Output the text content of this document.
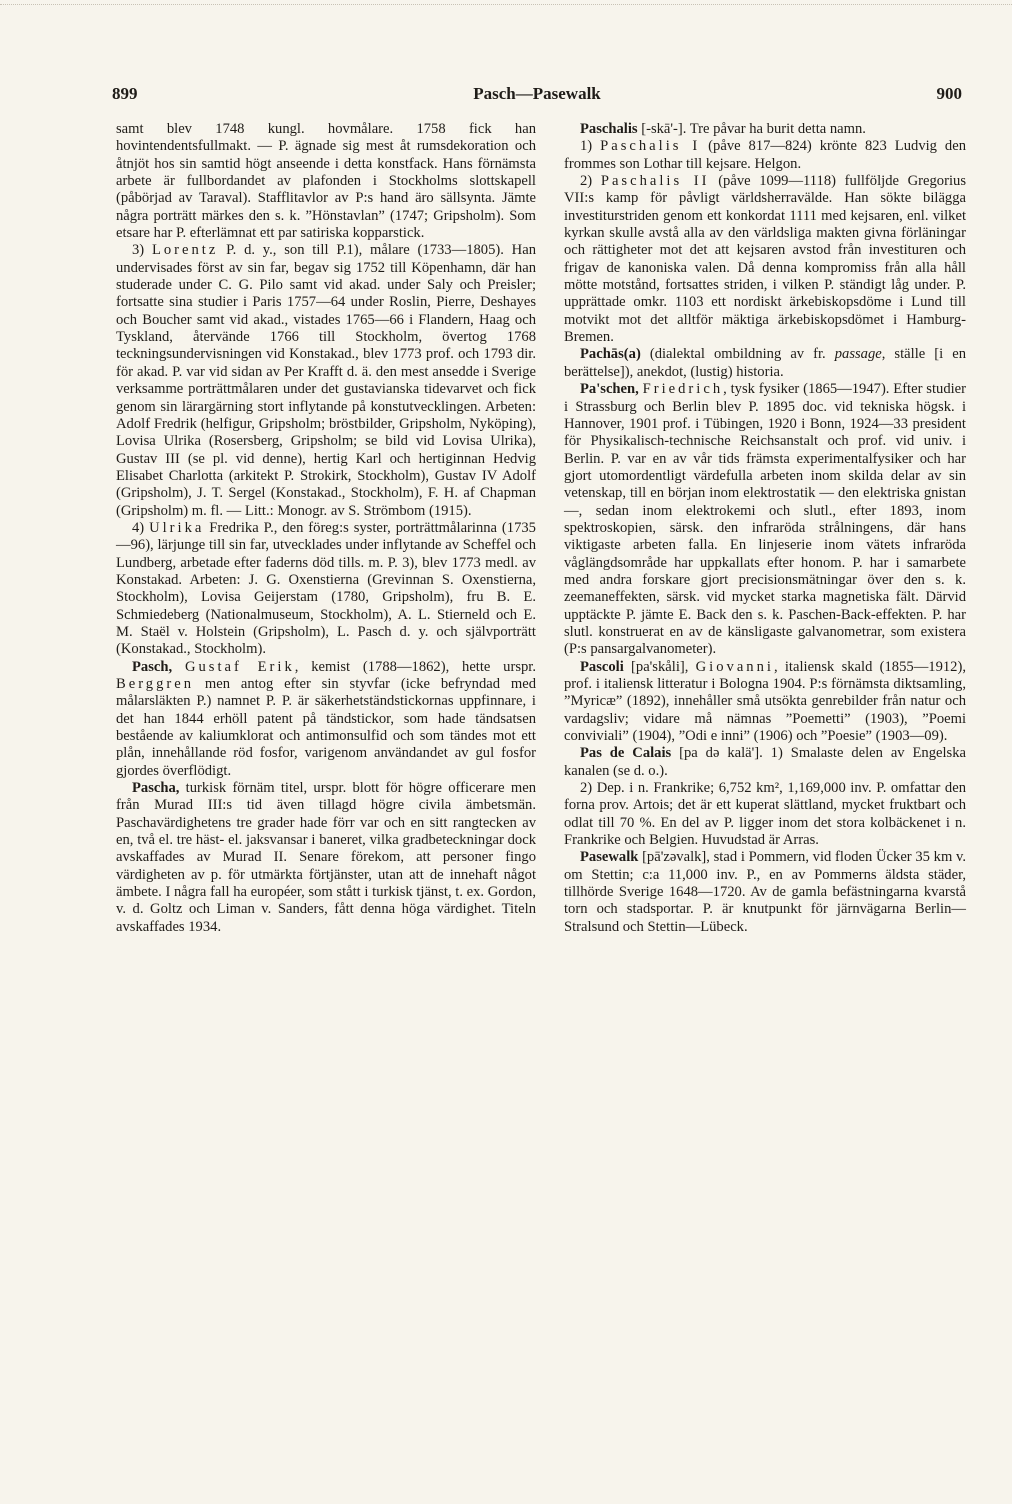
899	Pasch—Pasewalk	900

samt blev 1748 kungl. hovmålare. 1758 fick han hovintendentsfullmakt. — P. ägnade sig mest åt rumsdekoration och åtnjöt hos sin samtid högt anseende i detta konstfack. Hans förnämsta arbete är fullbordandet av plafonden i Stockholms slottskapell (påbörjad av Taraval). Stafflitavlor av P:s hand äro sällsynta. Jämte några porträtt märkes den s. k. ”Hönstavlan” (1747; Gripsholm). Som etsare har P. efterlämnat ett par satiriska kopparstick.

3) Lorentz P. d. y., son till P.1), målare (1733—1805). Han undervisades först av sin far, begav sig 1752 till Köpenhamn, där han studerade under C. G. Pilo samt vid akad. under Saly och Preisler; fortsatte sina studier i Paris 1757—64 under Roslin, Pierre, Deshayes och Boucher samt vid akad., vistades 1765—66 i Flandern, Haag och Tyskland, återvände 1766 till Stockholm, övertog 1768 teckningsundervisningen vid Konstakad., blev 1773 prof. och 1793 dir. för akad. P. var vid sidan av Per Krafft d. ä. den mest ansedde i Sverige verksamme porträttmålaren under det gustavianska tidevarvet och fick genom sin lärargärning stort inflytande på konstutvecklingen. Arbeten: Adolf Fredrik (helfigur, Gripsholm; bröstbilder, Gripsholm, Nyköping), Lovisa Ulrika (Rosersberg, Gripsholm; se bild vid Lovisa Ulrika), Gustav III (se pl. vid denne), hertig Karl och hertiginnan Hedvig Elisabet Charlotta (arkitekt P. Strokirk, Stockholm), Gustav IV Adolf (Gripsholm), J. T. Sergel (Konstakad., Stockholm), F. H. af Chapman (Gripsholm) m. fl. — Litt.: Monogr. av S. Strömbom (1915).

4) Ulrika Fredrika P., den föreg:s syster, porträttmålarinna (1735—96), lärjunge till sin far, utvecklades under inflytande av Scheffel och Lundberg, arbetade efter faderns död tills. m. P. 3), blev 1773 medl. av Konstakad. Arbeten: J. G. Oxenstierna (Grevinnan S. Oxenstierna, Stockholm), Lovisa Geijerstam (1780, Gripsholm), fru B. E. Schmiedeberg (Nationalmuseum, Stockholm), A. L. Stierneld och E. M. Staël v. Holstein (Gripsholm), L. Pasch d. y. och självporträtt (Konstakad., Stockholm).

Pasch, Gustaf Erik, kemist (1788—1862), hette urspr. Berggren men antog efter sin styvfar (icke befryndad med målarsläkten P.) namnet P. P. är säkerhetständstickornas uppfinnare, i det han 1844 erhöll patent på tändstickor, som hade tändsatsen bestående av kaliumklorat och antimonsulfid och som tändes mot ett plån, innehållande röd fosfor, varigenom användandet av gul fosfor gjordes överflödigt.

Pascha, turkisk förnäm titel, urspr. blott för högre officerare men från Murad III:s tid även tillagd högre civila ämbetsmän. Paschavärdighetens tre grader hade förr var och en sitt rangtecken av en, två el. tre häst- el. jaksvansar i baneret, vilka gradbeteckningar dock avskaffades av Murad II. Senare förekom, att personer fingo värdigheten av p. för utmärkta förtjänster, utan att de innehaft något ämbete. I några fall ha européer, som stått i turkisk tjänst, t. ex. Gordon, v. d. Goltz och Liman v. Sanders, fått denna höga värdighet. Titeln avskaffades 1934.

Paschalis [-skā'-]. Tre påvar ha burit detta namn.

1) Paschalis I (påve 817—824) krönte 823 Ludvig den frommes son Lothar till kejsare. Helgon.

2) Paschalis II (påve 1099—1118) fullföljde Gregorius VII:s kamp för påvligt världsherravälde. Han sökte bilägga investiturstriden genom ett konkordat 1111 med kejsaren, enl. vilket kyrkan skulle avstå alla av den världsliga makten givna förläningar och rättigheter mot det att kejsaren avstod från investituren och frigav de kanoniska valen. Då denna kompromiss från alla håll mötte motstånd, fortsattes striden, i vilken P. ständigt låg under. P. upprättade omkr. 1103 ett nordiskt ärkebiskopsdöme i Lund till motvikt mot det alltför mäktiga ärkebiskopsdömet i Hamburg-Bremen.

Pachās(a) (dialektal ombildning av fr. passage, ställe [i en berättelse]), anekdot, (lustig) historia.

Pa'schen, Friedrich, tysk fysiker (1865—1947). Efter studier i Strassburg och Berlin blev P. 1895 doc. vid tekniska högsk. i Hannover, 1901 prof. i Tübingen, 1920 i Bonn, 1924—33 president för Physikalisch-technische Reichsanstalt och prof. vid univ. i Berlin. P. var en av vår tids främsta experimentalfysiker och har gjort utomordentligt värdefulla arbeten inom skilda delar av sin vetenskap, till en början inom elektrostatik — den elektriska gnistan —, sedan inom elektrokemi och slutl., efter 1893, inom spektroskopien, särsk. den infraröda strålningens, där hans viktigaste arbeten falla. En linjeserie inom vätets infraröda våglängdsområde har uppkallats efter honom. P. har i samarbete med andra forskare gjort precisionsmätningar över den s. k. zeemaneffekten, särsk. vid mycket starka magnetiska fält. Därvid upptäckte P. jämte E. Back den s. k. Paschen-Back-effekten. P. har slutl. konstruerat en av de känsligaste galvanometrar, som existera (P:s pansargalvanometer).

Pascoli [pa'skåli], Giovanni, italiensk skald (1855—1912), prof. i italiensk litteratur i Bologna 1904. P:s förnämsta diktsamling, ”Myricæ” (1892), innehåller små utsökta genrebilder från natur och vardagsliv; vidare må nämnas ”Poemetti” (1903), ”Poemi conviviali” (1904), ”Odi e inni” (1906) och ”Poesie” (1903—09).

Pas de Calais [pa də kalä']. 1) Smalaste delen av Engelska kanalen (se d. o.).

2) Dep. i n. Frankrike; 6,752 km², 1,169,000 inv. P. omfattar den forna prov. Artois; det är ett kuperat slättland, mycket fruktbart och odlat till 70 %. En del av P. ligger inom det stora kolbäckenet i n. Frankrike och Belgien. Huvudstad är Arras.

Pasewalk [pā'zəvalk], stad i Pommern, vid floden Ücker 35 km v. om Stettin; c:a 11,000 inv. P., en av Pommerns äldsta städer, tillhörde Sverige 1648—1720. Av de gamla befästningarna kvarstå torn och stadsportar. P. är knutpunkt för järnvägarna Berlin—Stralsund och Stettin—Lübeck.
